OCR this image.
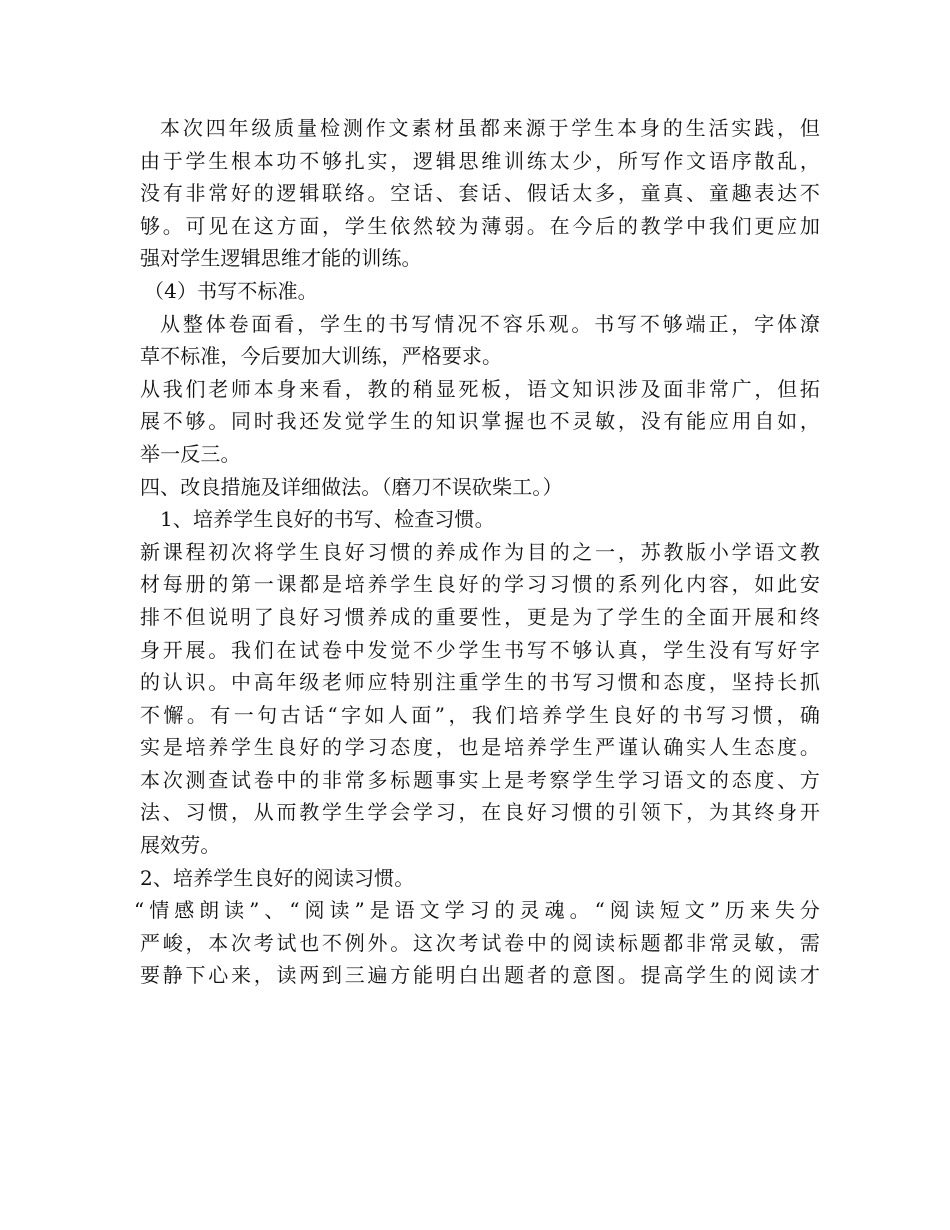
本次四年级质量检测作文素材虽都来源于学生本身的生活实践，但
由于学生根本功不够扎实，逻辑思维训练太少，所写作文语序散乱，
没有非常好的逻辑联络。空话、套话、假话太多，童真、童趣表达不
够。可见在这方面，学生依然较为薄弱。在今后的教学中我们更应加
强对学生逻辑思维才能的训练。
（4）书写不标准。
从整体卷面看，学生的书写情况不容乐观。书写不够端正，字体潦
草不标准，今后要加大训练，严格要求。
从我们老师本身来看，教的稍显死板，语文知识涉及面非常广，但拓
展不够。同时我还发觉学生的知识掌握也不灵敏，没有能应用自如，
举一反三。
四、改良措施及详细做法。（磨刀不误砍柴工。）
1、培养学生良好的书写、检查习惯。
新课程初次将学生良好习惯的养成作为目的之一，苏教版小学语文教
材每册的第一课都是培养学生良好的学习习惯的系列化内容，如此安
排不但说明了良好习惯养成的重要性，更是为了学生的全面开展和终
身开展。我们在试卷中发觉不少学生书写不够认真，学生没有写好字
的认识。中高年级老师应特别注重学生的书写习惯和态度，坚持长抓
不懈。有一句古话“字如人面”，我们培养学生良好的书写习惯，确
实是培养学生良好的学习态度，也是培养学生严谨认确实人生态度。
本次测查试卷中的非常多标题事实上是考察学生学习语文的态度、方
法、习惯，从而教学生学会学习，在良好习惯的引领下，为其终身开
展效劳。
2、培养学生良好的阅读习惯。
“情感朗读”、“阅读”是语文学习的灵魂。“阅读短文”历来失分
严峻，本次考试也不例外。这次考试卷中的阅读标题都非常灵敏，需
要静下心来，读两到三遍方能明白出题者的意图。提高学生的阅读才
